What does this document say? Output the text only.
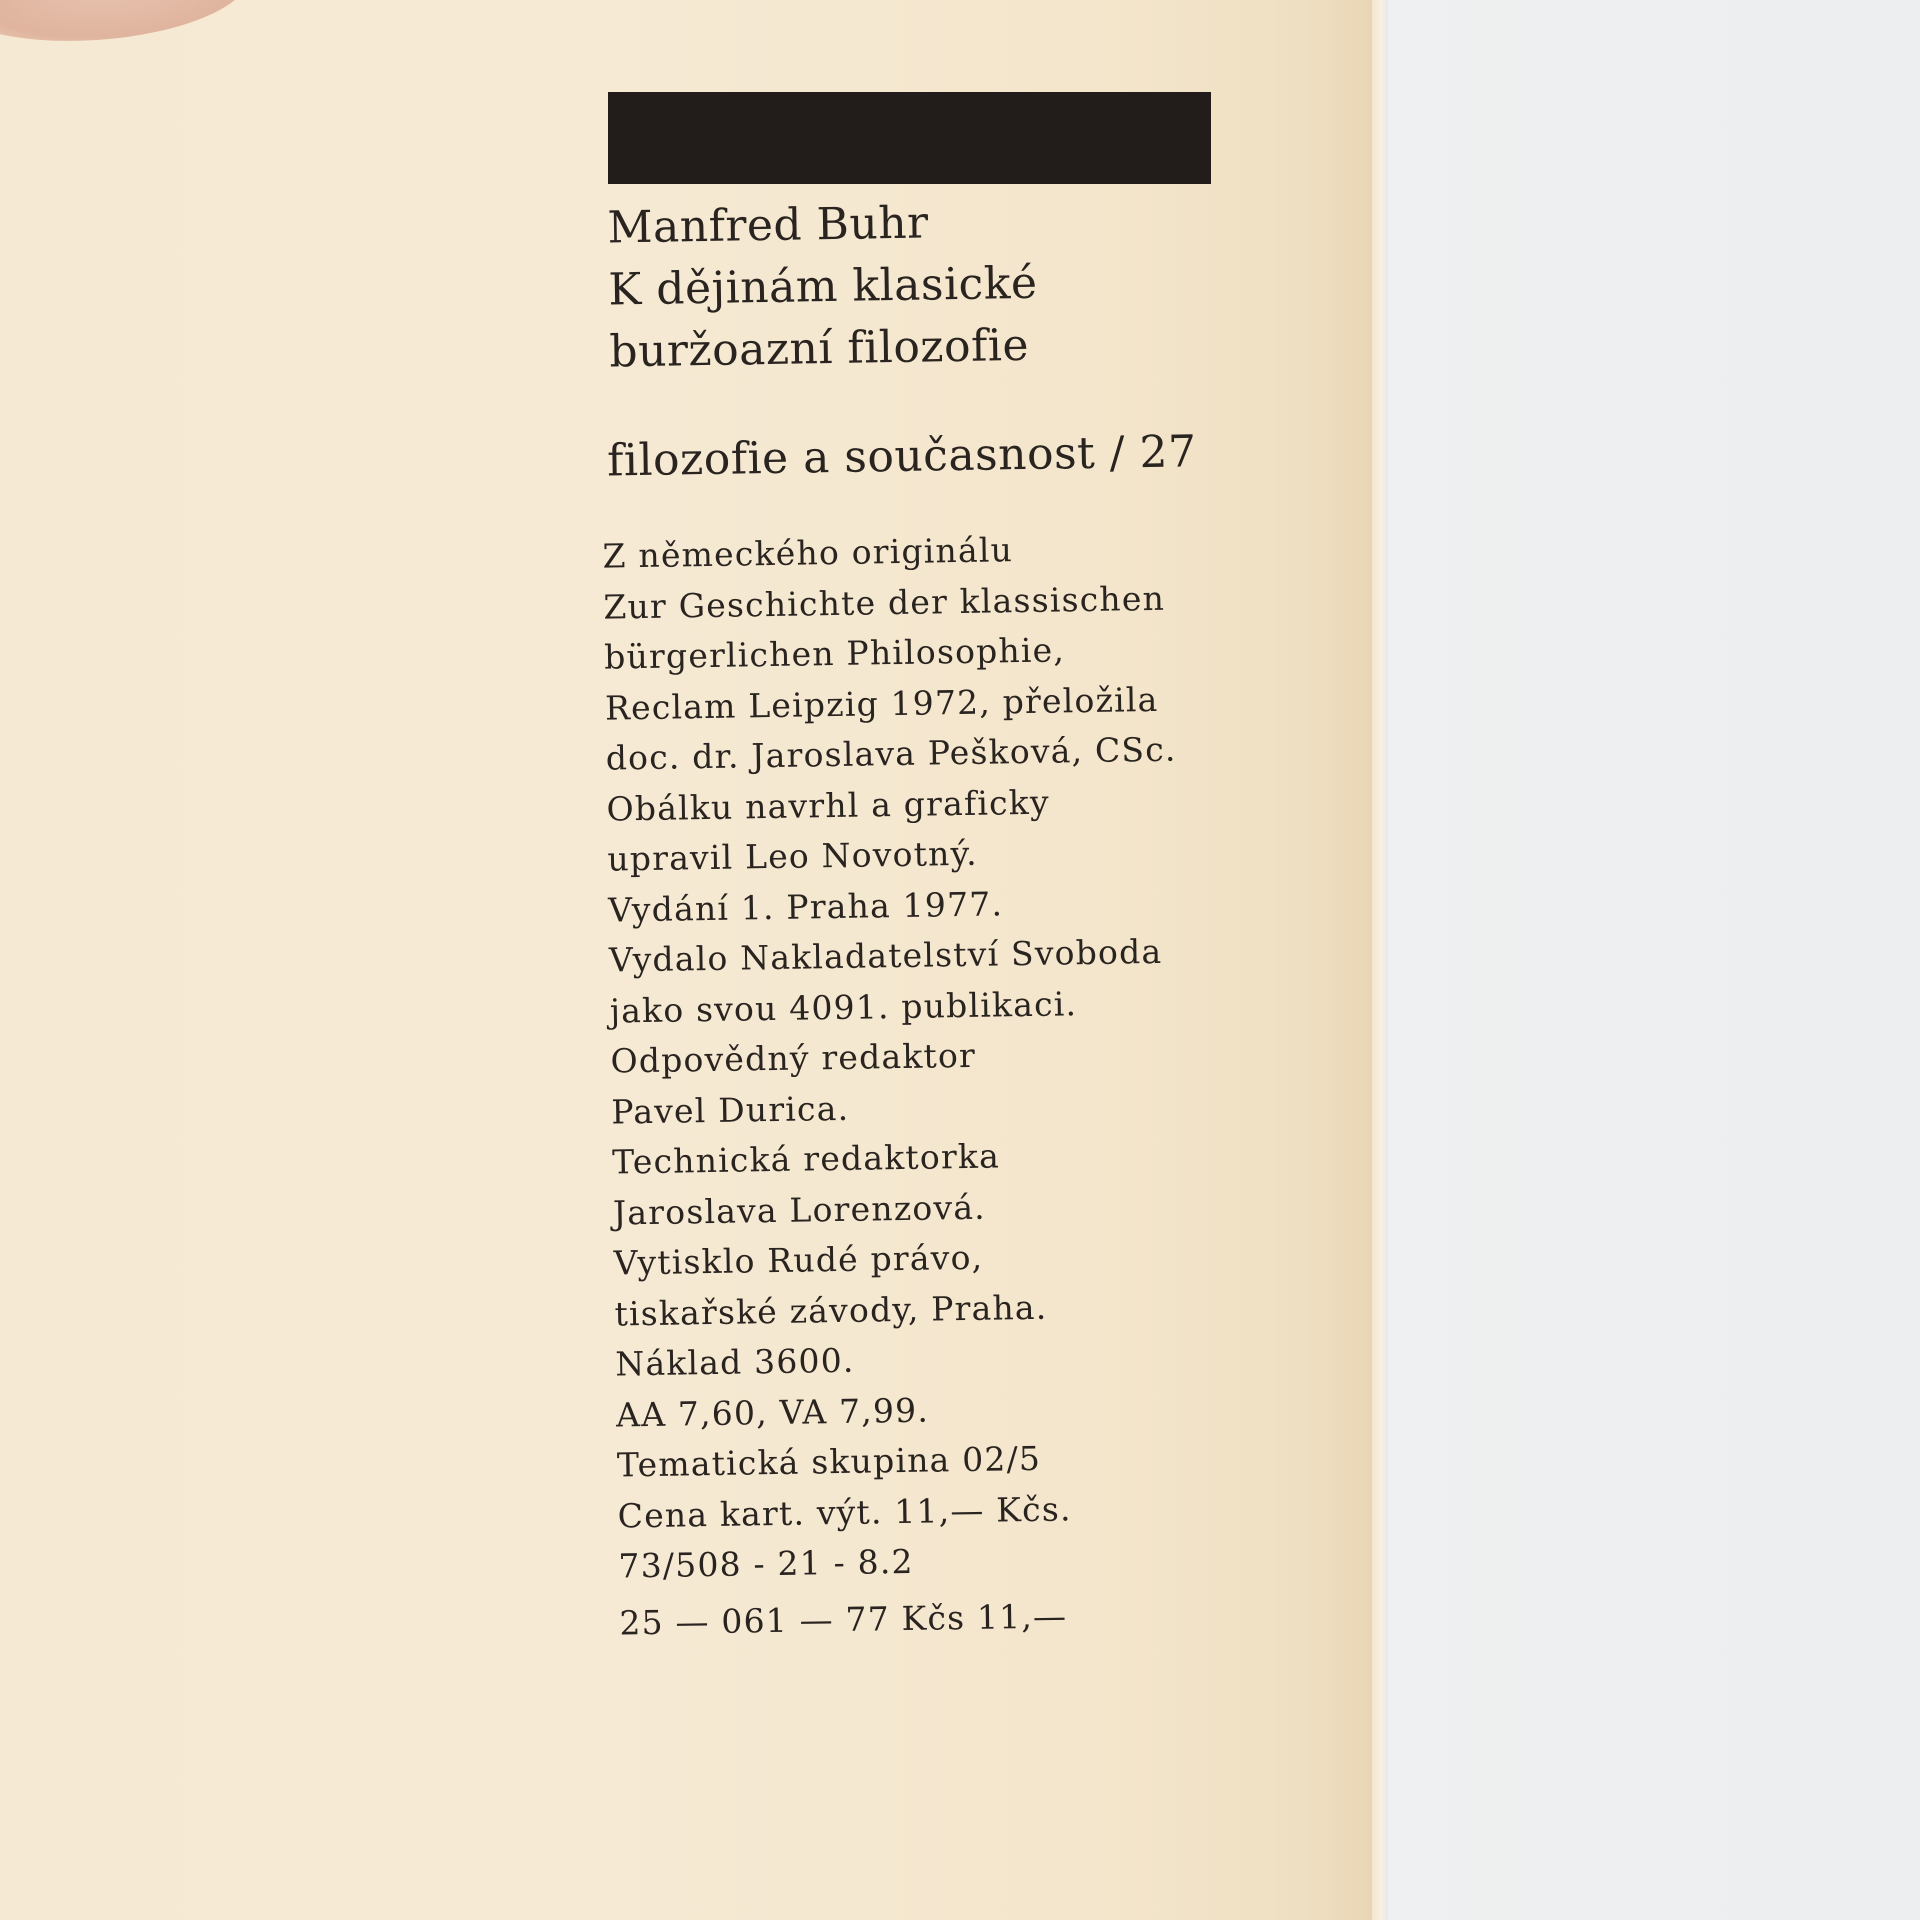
Manfred Buhr
K dějinám klasické
buržoazní filozofie
filozofie a současnost / 27
Z německého originálu
Zur Geschichte der klassischen
bürgerlichen Philosophie,
Reclam Leipzig 1972, přeložila
doc. dr. Jaroslava Pešková, CSc.
Obálku navrhl a graficky
upravil Leo Novotný.
Vydání 1. Praha 1977.
Vydalo Nakladatelství Svoboda
jako svou 4091. publikaci.
Odpovědný redaktor
Pavel Durica.
Technická redaktorka
Jaroslava Lorenzová.
Vytisklo Rudé právo,
tiskařské závody, Praha.
Náklad 3600.
AA 7,60, VA 7,99.
Tematická skupina 02/5
Cena kart. výt. 11,— Kčs.
73/508 - 21 - 8.2
25 — 061 — 77 Kčs 11,—
